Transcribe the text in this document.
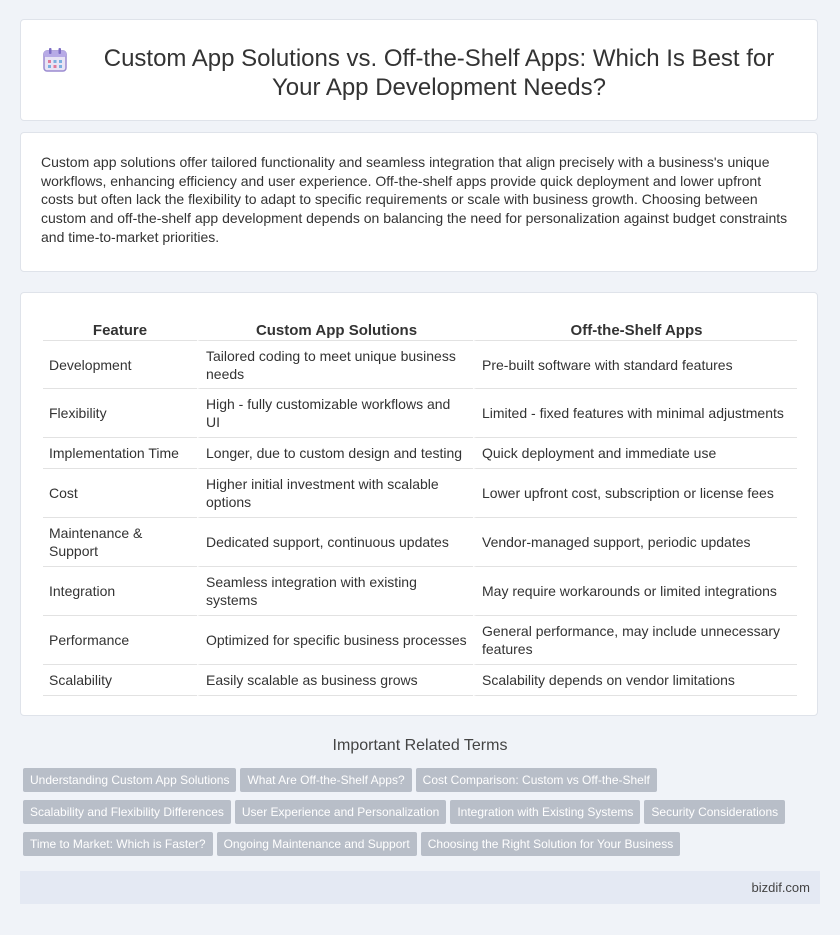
Custom App Solutions vs. Off-the-Shelf Apps: Which Is Best for Your App Development Needs?

Custom app solutions offer tailored functionality and seamless integration that align precisely with a business's unique workflows, enhancing efficiency and user experience. Off-the-shelf apps provide quick deployment and lower upfront costs but often lack the flexibility to adapt to specific requirements or scale with business growth. Choosing between custom and off-the-shelf app development depends on balancing the need for personalization against budget constraints and time-to-market priorities.

Feature	Custom App Solutions	Off-the-Shelf Apps
Development	Tailored coding to meet unique business needs	Pre-built software with standard features
Flexibility	High - fully customizable workflows and UI	Limited - fixed features with minimal adjustments
Implementation Time	Longer, due to custom design and testing	Quick deployment and immediate use
Cost	Higher initial investment with scalable options	Lower upfront cost, subscription or license fees
Maintenance & Support	Dedicated support, continuous updates	Vendor-managed support, periodic updates
Integration	Seamless integration with existing systems	May require workarounds or limited integrations
Performance	Optimized for specific business processes	General performance, may include unnecessary features
Scalability	Easily scalable as business grows	Scalability depends on vendor limitations
Important Related Terms
Understanding Custom App Solutions What Are Off-the-Shelf Apps? Cost Comparison: Custom vs Off-the-Shelf
Scalability and Flexibility Differences User Experience and Personalization Integration with Existing Systems Security Considerations
Time to Market: Which is Faster? Ongoing Maintenance and Support Choosing the Right Solution for Your Business
bizdif.com
